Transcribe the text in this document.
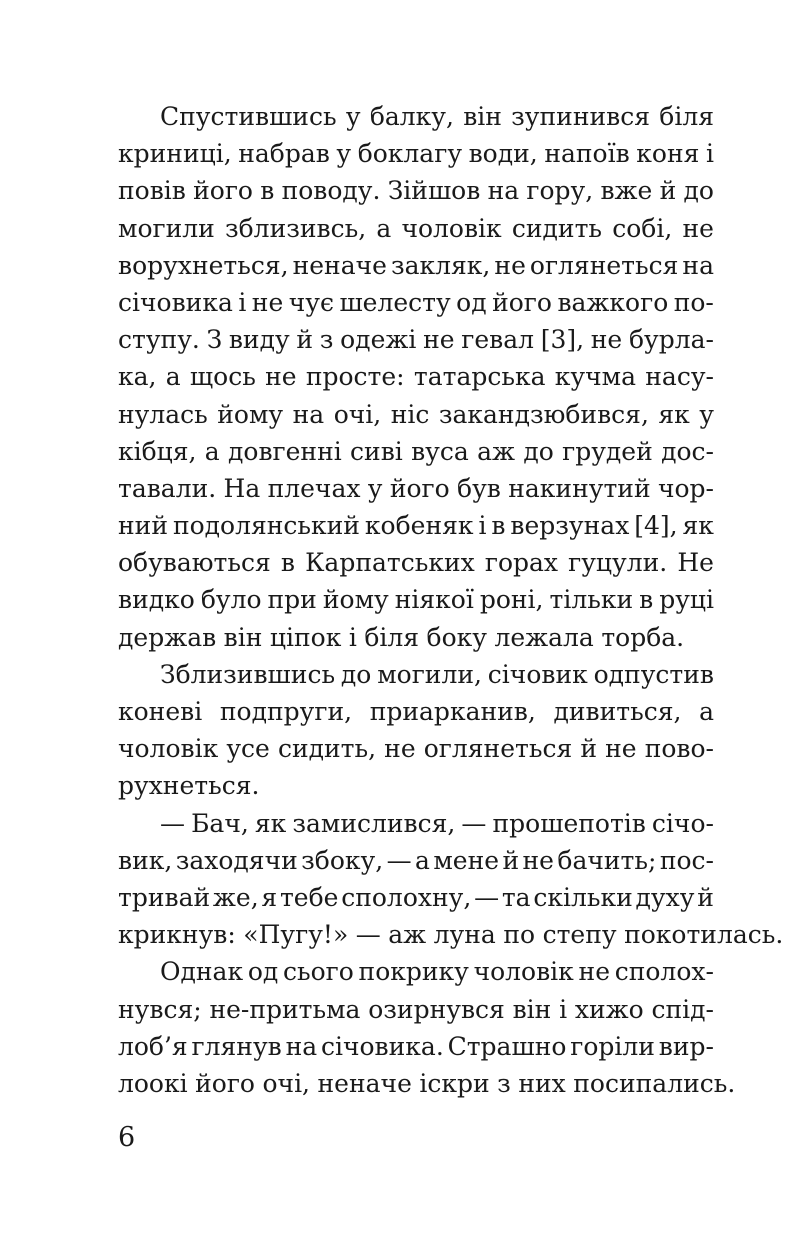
Спустившись у балку, він зупинився біля
криниці, набрав у боклагу води, напоїв коня і
повів його в поводу. Зійшов на гору, вже й до
могили зблизивсь, а чоловік сидить собі, не
ворухнеться, неначе закляк, не оглянеться на
січовика і не чує шелесту од його важкого по-
ступу. З виду й з одежі не гевал [3], не бурла-
ка, а щось не просте: татарська кучма насу-
нулась йому на очі, ніс закандзюбився, як у
кібця, а довгенні сиві вуса аж до грудей дос-
тавали. На плечах у його був накинутий чор-
ний подолянський кобеняк і в верзунах [4], як
обуваються в Карпатських горах гуцули. Не
видко було при йому ніякої роні, тільки в руці
держав він ціпок і біля боку лежала торба.
Зблизившись до могили, січовик одпустив
коневі подпруги, приарканив, дивиться, а
чоловік усе сидить, не оглянеться й не пово-
рухнеться.
— Бач, як замислився, — прошепотів січо-
вик, заходячи збоку, — а мене й не бачить; пос-
тривай же, я тебе сполохну, — та скільки духу й
крикнув: «Пугу!» — аж луна по степу покотилась.
Однак од сього покрику чоловік не сполох-
нувся; не-притьма озирнувся він і хижо спід-
лоб’я глянув на січовика. Страшно горіли вир-
лоокі його очі, неначе іскри з них посипались.
6
